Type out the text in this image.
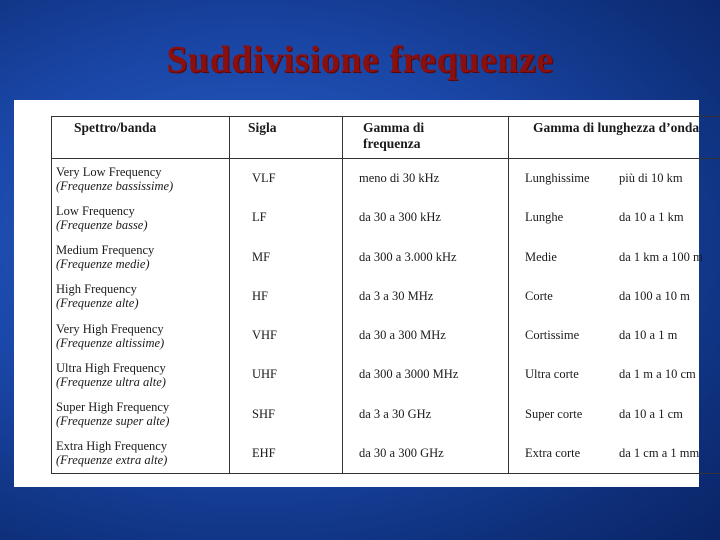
Suddivisione frequenze
Spettro/banda	Sigla	Gamma di
frequenza	Gamma di lunghezza d’onda

Very Low Frequency
(Frequenze bassissime)	VLF	meno di 30 kHz	Lunghissime più di 10 km

Low Frequency
(Frequenze basse)	LF	da 30 a 300 kHz	Lunghe da 10 a 1 km

Medium Frequency
(Frequenze medie)	MF	da 300 a 3.000 kHz	Medie da 1 km a 100 m

High Frequency
(Frequenze alte)	HF	da 3 a 30 MHz	Corte da 100 a 10 m

Very High Frequency
(Frequenze altissime)	VHF	da 30 a 300 MHz	Cortissime da 10 a 1 m

Ultra High Frequency
(Frequenze ultra alte)	UHF	da 300 a 3000 MHz	Ultra corte da 1 m a 10 cm

Super High Frequency
(Frequenze super alte)	SHF	da 3 a 30 GHz	Super corte da 10 a 1 cm

Extra High Frequency
(Frequenze extra alte)	EHF	da 30 a 300 GHz	Extra corte da 1 cm a 1 mm
